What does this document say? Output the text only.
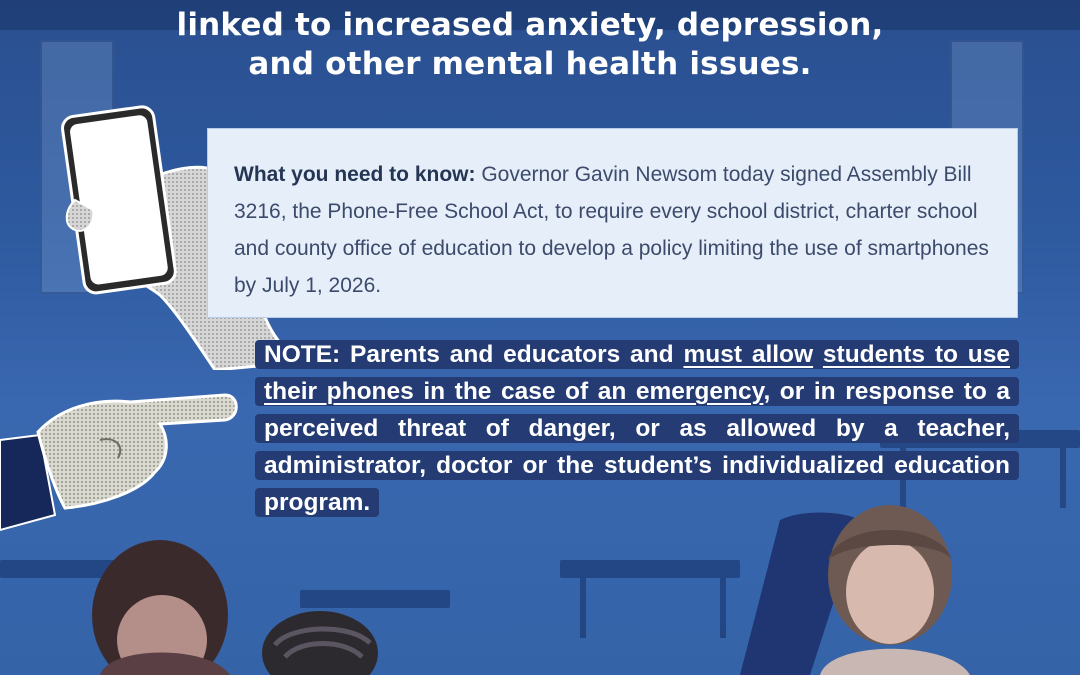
linked to increased anxiety, depression,
and other mental health issues.
What you need to know: Governor Gavin Newsom today signed Assembly Bill 3216, the Phone-Free School Act, to require every school district, charter school and county office of education to develop a policy limiting the use of smartphones by July 1, 2026.
NOTE: Parents and educators and must allow students to use their phones in the case of an emergency, or in response to a perceived threat of danger, or as allowed by a teacher, administrator, doctor or the student’s individualized education program.
